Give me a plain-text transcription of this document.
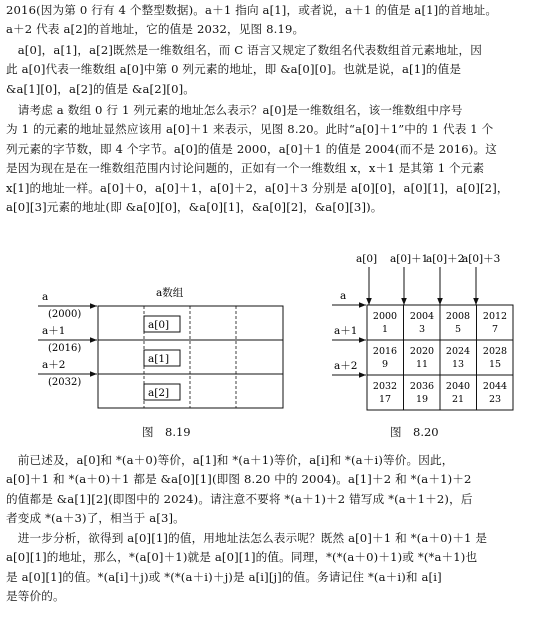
2016(因为第 0 行有 4 个整型数据)。a＋1 指向 a[1]，或者说，a＋1 的值是 a[1]的首地址。
a＋2 代表 a[2]的首地址，它的值是 2032，见图 8.19。
　a[0]，a[1]，a[2]既然是一维数组名，而 C 语言又规定了数组名代表数组首元素地址，因
此 a[0]代表一维数组 a[0]中第 0 列元素的地址，即 &a[0][0]。也就是说，a[1]的值是
&a[1][0]，a[2]的值是 &a[2][0]。
　请考虑 a 数组 0 行 1 列元素的地址怎么表示？a[0]是一维数组名，该一维数组中序号
为 1 的元素的地址显然应该用 a[0]＋1 来表示，见图 8.20。此时“a[0]＋1”中的 1 代表 1 个
列元素的字节数，即 4 个字节。a[0]的值是 2000，a[0]＋1 的值是 2004(而不是 2016)。这
是因为现在是在一维数组范围内讨论问题的，正如有一个一维数组 x，x＋1 是其第 1 个元素
x[1]的地址一样。a[0]＋0，a[0]＋1，a[0]＋2，a[0]＋3 分别是 a[0][0]，a[0][1]，a[0][2]，
a[0][3]元素的地址(即 &a[0][0]，&a[0][1]，&a[0][2]，&a[0][3])。
a数组
a
(2000)
a＋1
(2016)
a＋2
(2032)
a[0]
a[1]
a[2]
图　8.19
a[0] a[0]＋1
a[0]＋2
a[0]＋3
a
a＋1
a＋2
2000
1
2004
3
2008
5
2012
7
2016
9
2020
11
2024
13
2028
15
2032
17
2036
19
2040
21
2044
23
图　8.20
　前已述及，a[0]和 *(a＋0)等价，a[1]和 *(a＋1)等价，a[i]和 *(a＋i)等价。因此，
a[0]＋1 和 *(a＋0)＋1 都是 &a[0][1](即图 8.20 中的 2004)。a[1]＋2 和 *(a＋1)＋2
的值都是 &a[1][2](即图中的 2024)。请注意不要将 *(a＋1)＋2 错写成 *(a＋1＋2)，后
者变成 *(a＋3)了，相当于 a[3]。
　进一步分析，欲得到 a[0][1]的值，用地址法怎么表示呢？既然 a[0]＋1 和 *(a＋0)＋1 是
a[0][1]的地址，那么，*(a[0]＋1)就是 a[0][1]的值。同理，*(*(a＋0)＋1)或 *(*a＋1)也
是 a[0][1]的值。*(a[i]＋j)或 *(*(a＋i)＋j)是 a[i][j]的值。务请记住 *(a＋i)和 a[i]
是等价的。
